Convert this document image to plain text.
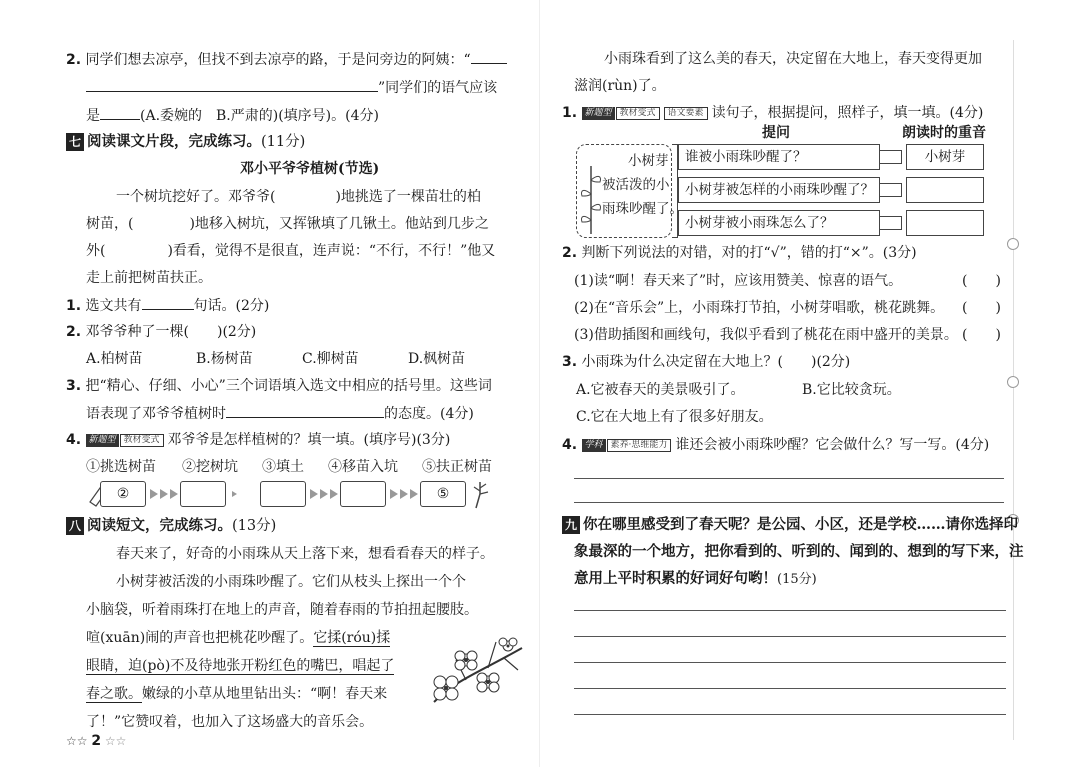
2. 同学们想去凉亭，但找不到去凉亭的路，于是问旁边的阿姨：“
”同学们的语气应该
是	(A.委婉的　B.严肃的)(填序号)。(4分)
七 阅读课文片段，完成练习。(11分)
邓小平爷爷植树(节选)
一个树坑挖好了。邓爷爷(	)地挑选了一棵苗壮的柏
树苗，(	)地移入树坑，又挥锹填了几锹土。他站到几步之
外(	)看看，觉得不是很直，连声说：“不行，不行！”他又
走上前把树苗扶正。
1. 选文共有	句话。(2分)
2. 邓爷爷种了一棵(　　)(2分)
A.柏树苗	B.杨树苗	C.柳树苗	D.枫树苗
3. 把“精心、仔细、小心”三个词语填入选文中相应的括号里。这些词
语表现了邓爷爷植树时	的态度。(4分)
4. 新题型 教材变式 邓爷爷是怎样植树的？填一填。(填序号)(3分)
①挑选树苗 ②挖树坑 ③填土 ④移苗入坑 ⑤扶正树苗
②	⑤
八 阅读短文，完成练习。(13分)
春天来了，好奇的小雨珠从天上落下来，想看看春天的样子。
小树芽被活泼的小雨珠吵醒了。它们从枝头上探出一个个
小脑袋，听着雨珠打在地上的声音，随着春雨的节拍扭起腰肢。
喧(xuān)闹的声音也把桃花吵醒了。它揉(róu)揉
眼睛，迫(pò)不及待地张开粉红色的嘴巴，唱起了
春之歌。嫩绿的小草从地里钻出头：“啊！春天来
了！”它赞叹着，也加入了这场盛大的音乐会。
☆☆ 2 ☆☆
小雨珠看到了这么美的春天，决定留在大地上，春天变得更加
滋润(rùn)了。
1. 新题型 教材变式 语文要素 读句子，根据提问，照样子，填一填。(4分)
提问	朗读时的重音
小树芽
被活泼的小
雨珠吵醒了。
谁被小雨珠吵醒了？	小树芽
小树芽被怎样的小雨珠吵醒了？
小树芽被小雨珠怎么了？
2. 判断下列说法的对错，对的打“√”，错的打“×”。(3分)
(1)读“啊！春天来了”时，应该用赞美、惊喜的语气。
(2)在“音乐会”上，小雨珠打节拍，小树芽唱歌，桃花跳舞。
(3)借助插图和画线句，我似乎看到了桃花在雨中盛开的美景。
(　　)
(　　)
(　　)
3. 小雨珠为什么决定留在大地上？(　　)(2分)
A.它被春天的美景吸引了。	B.它比较贪玩。
C.它在大地上有了很多好朋友。
4. 学科 素养·思维能力 谁还会被小雨珠吵醒？它会做什么？写一写。(4分)
九 你在哪里感受到了春天呢？是公园、小区，还是学校……请你选择印
象最深的一个地方，把你看到的、听到的、闻到的、想到的写下来，注
意用上平时积累的好词好句哟！(15分)
